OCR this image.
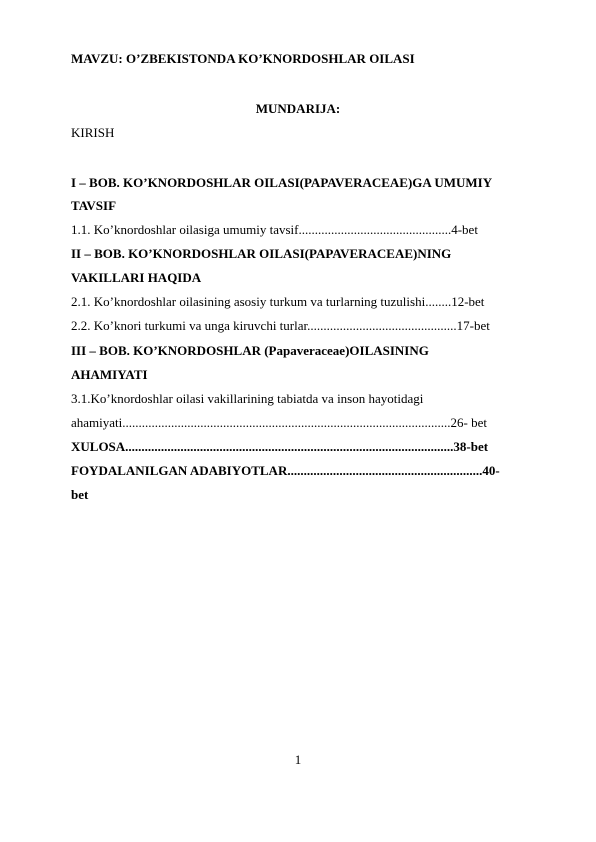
MAVZU: O’ZBEKISTONDA KO’KNORDOSHLAR OILASI
MUNDARIJA:
KIRISH
I – BOB. KO’KNORDOSHLAR OILASI(PAPAVERACEAE)GA UMUMIY
TAVSIF
1.1. Ko’knordoshlar oilasiga umumiy tavsif...............................................4-bet
II – BOB. KO’KNORDOSHLAR OILASI(PAPAVERACEAE)NING
VAKILLARI HAQIDA
2.1. Ko’knordoshlar oilasining asosiy turkum va turlarning tuzulishi........12-bet
2.2. Ko’knori turkumi va unga kiruvchi turlar..............................................17-bet
III – BOB. KO’KNORDOSHLAR (Papaveraceae)OILASINING
AHAMIYATI
3.1.Ko’knordoshlar oilasi vakillarining tabiatda va inson hayotidagi
ahamiyati.....................................................................................................26- bet
XULOSA.....................................................................................................38-bet
FOYDALANILGAN ADABIYOTLAR............................................................40-
bet
1
